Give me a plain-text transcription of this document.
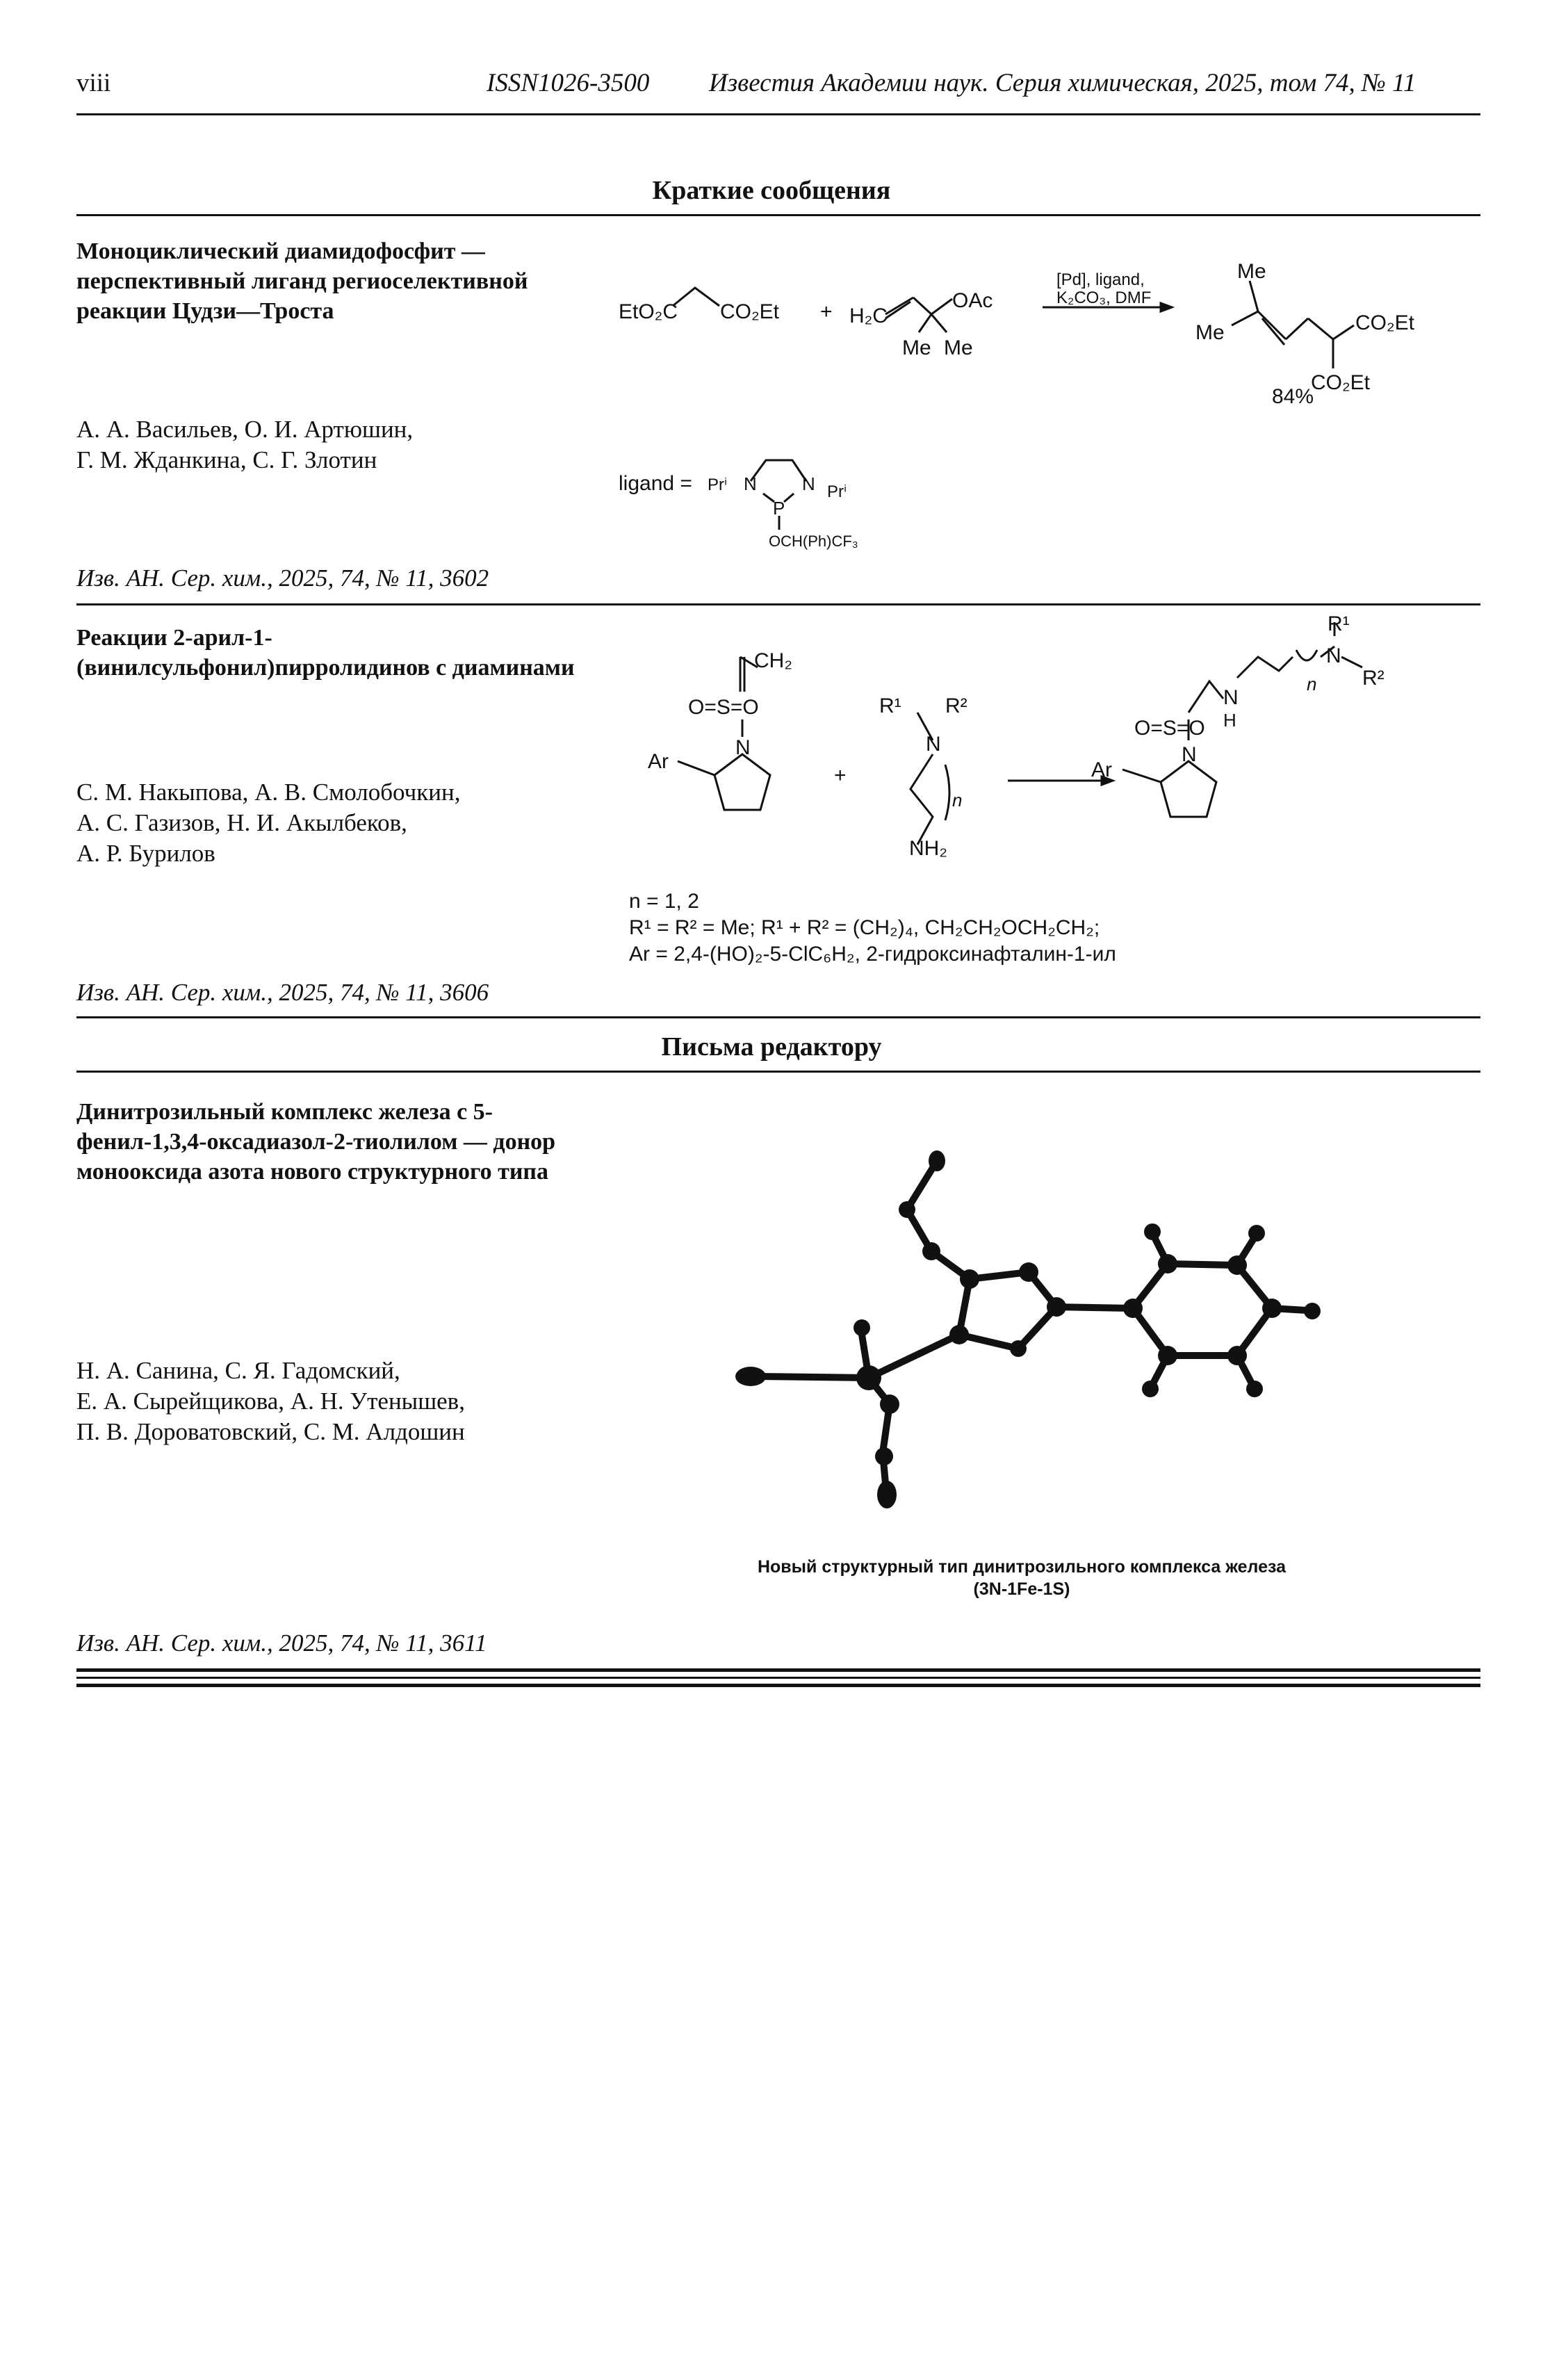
viii	ISSN1026-3500 Известия Академии наук. Серия химическая, 2025, том 74, № 11
Краткие сообщения
Моноциклический диамидофосфит — перспективный лиганд региоселективной реакции Цудзи—Троста
А. А. Васильев, О. И. Артюшин,
Г. М. Жданкина, С. Г. Злотин
Изв. АН. Сер. хим., 2025, 74, № 11, 3602
EtO₂C CO₂Et + H₂C
OAc
Me Me
[Pd], ligand,
K₂CO₃, DMF
Me
Me	CO₂Et
CO₂Et
84%
ligand = Prⁱ N
P
N Prⁱ
OCH(Ph)CF₃
Реакции 2-арил-1-(винилсульфонил)пирролидинов с диаминами
С. М. Накыпова, А. В. Смолобочкин,
А. С. Газизов, Н. И. Акылбеков,
А. Р. Бурилов
Изв. АН. Сер. хим., 2025, 74, № 11, 3606
CH₂
O=S=O
N
Ar
+
R¹ R²
N
n
NH₂
R¹
N
R²
N
H
n
O=S=O
N
Ar
n = 1, 2
R¹ = R² = Me; R¹ + R² = (CH₂)₄, CH₂CH₂OCH₂CH₂;
Ar = 2,4-(HO)₂-5-ClC₆H₂, 2-гидроксинафталин-1-ил
Письма редактору
Динитрозильный комплекс железа с 5-фенил-1,3,4-оксадиазол-2-тиолилом — донор монооксида азота нового структурного типа
Н. А. Санина, С. Я. Гадомский,
Е. А. Сырейщикова, А. Н. Утенышев,
П. В. Дороватовский, С. М. Алдошин
Изв. АН. Сер. хим., 2025, 74, № 11, 3611
Новый структурный тип динитрозильного комплекса железа
(3N-1Fe-1S)
